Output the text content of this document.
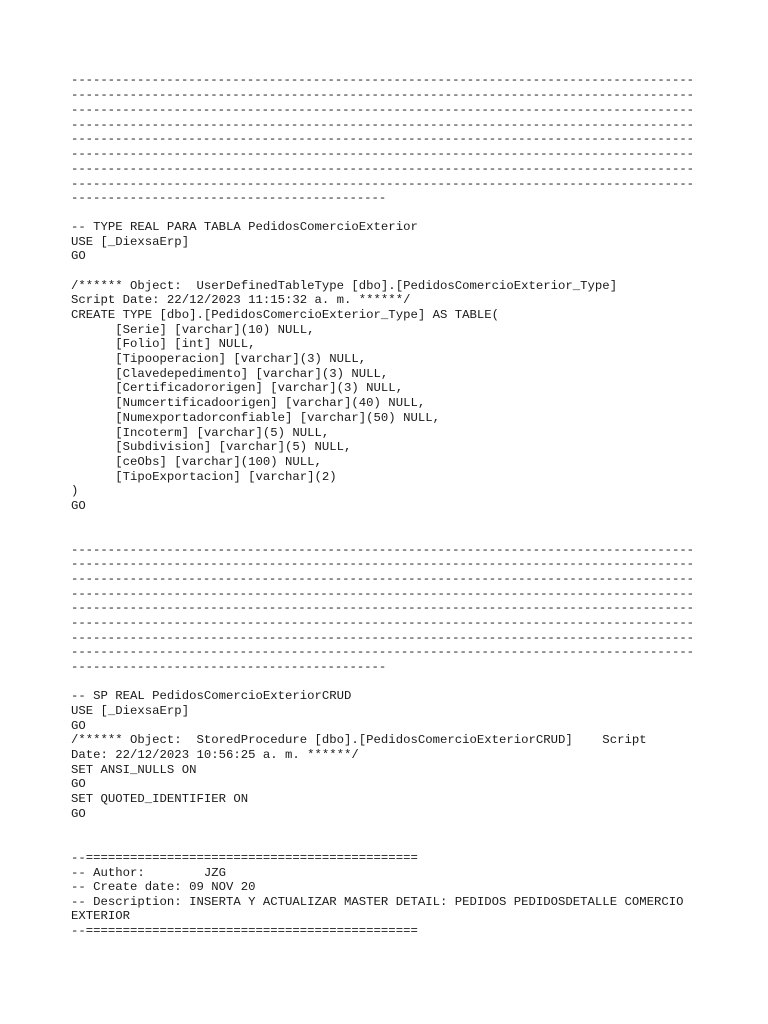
-------------------------------------------------------------------------------------
-------------------------------------------------------------------------------------
-------------------------------------------------------------------------------------
-------------------------------------------------------------------------------------
-------------------------------------------------------------------------------------
-------------------------------------------------------------------------------------
-------------------------------------------------------------------------------------
-------------------------------------------------------------------------------------
-------------------------------------------
-- TYPE REAL PARA TABLA PedidosComercioExterior
USE [_DiexsaErp]
GO
/****** Object:  UserDefinedTableType [dbo].[PedidosComercioExterior_Type]
Script Date: 22/12/2023 11:15:32 a. m. ******/
CREATE TYPE [dbo].[PedidosComercioExterior_Type] AS TABLE(
[Serie] [varchar](10) NULL,
[Folio] [int] NULL,
[Tipooperacion] [varchar](3) NULL,
[Clavedepedimento] [varchar](3) NULL,
[Certificadororigen] [varchar](3) NULL,
[Numcertificadoorigen] [varchar](40) NULL,
[Numexportadorconfiable] [varchar](50) NULL,
[Incoterm] [varchar](5) NULL,
[Subdivision] [varchar](5) NULL,
[ceObs] [varchar](100) NULL,
[TipoExportacion] [varchar](2)
)
GO
-------------------------------------------------------------------------------------
-------------------------------------------------------------------------------------
-------------------------------------------------------------------------------------
-------------------------------------------------------------------------------------
-------------------------------------------------------------------------------------
-------------------------------------------------------------------------------------
-------------------------------------------------------------------------------------
-------------------------------------------------------------------------------------
-------------------------------------------
-- SP REAL PedidosComercioExteriorCRUD
USE [_DiexsaErp]
GO
/****** Object:  StoredProcedure [dbo].[PedidosComercioExteriorCRUD]    Script
Date: 22/12/2023 10:56:25 a. m. ******/
SET ANSI_NULLS ON
GO
SET QUOTED_IDENTIFIER ON
GO
--=============================================
-- Author:        JZG
-- Create date: 09 NOV 20
-- Description: INSERTA Y ACTUALIZAR MASTER DETAIL: PEDIDOS PEDIDOSDETALLE COMERCIO
EXTERIOR
--=============================================
